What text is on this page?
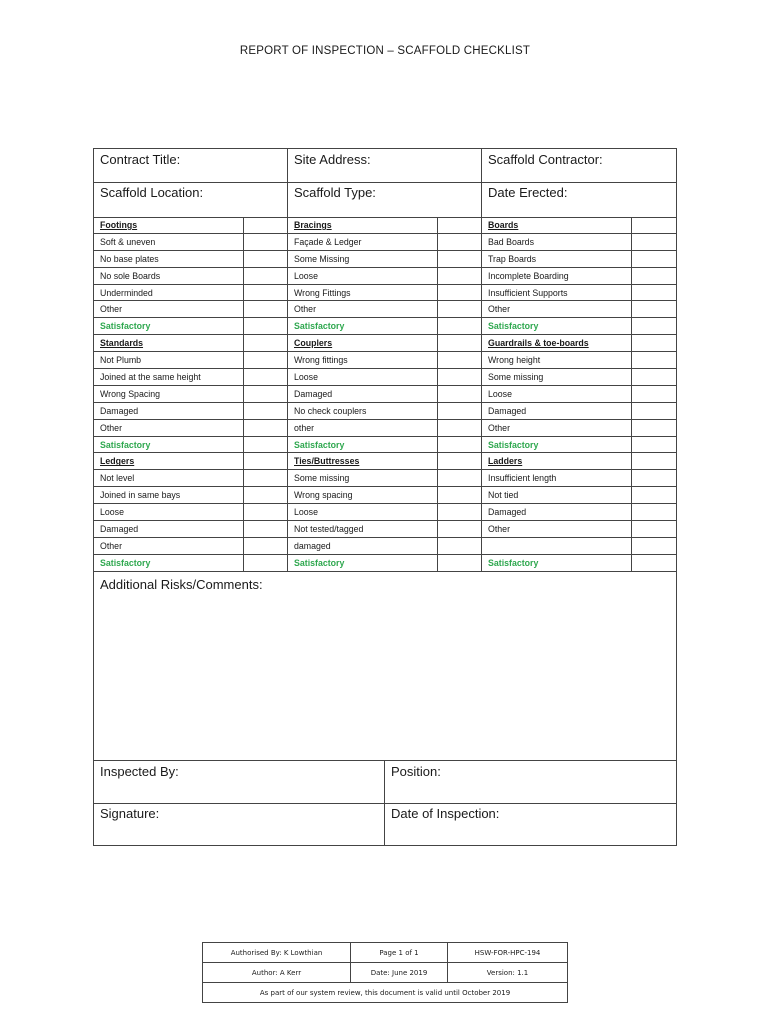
REPORT OF INSPECTION – SCAFFOLD CHECKLIST
Contract Title:	Site Address:	Scaffold Contractor:
Scaffold Location:	Scaffold Type:	Date Erected:
Footings	Bracings	Boards
Soft & uneven	Façade & Ledger	Bad Boards
No base plates	Some Missing	Trap Boards
No sole Boards	Loose	Incomplete Boarding
Underminded	Wrong Fittings	Insufficient Supports
Other	Other	Other
Satisfactory	Satisfactory	Satisfactory
Standards	Couplers	Guardrails & toe-boards
Not Plumb	Wrong fittings	Wrong height
Joined at the same height	Loose	Some missing
Wrong Spacing	Damaged	Loose
Damaged	No check couplers	Damaged
Other	other	Other
Satisfactory	Satisfactory	Satisfactory
Ledgers	Ties/Buttresses	Ladders
Not level	Some missing	Insufficient length
Joined in same bays	Wrong spacing	Not tied
Loose	Loose	Damaged
Damaged	Not tested/tagged	Other
Other	damaged
Satisfactory	Satisfactory	Satisfactory
Additional Risks/Comments:
Inspected By:	Position:
Signature:	Date of Inspection:
Authorised By: K Lowthian	Page 1 of 1	HSW-FOR-HPC-194
Author: A Kerr	Date: June 2019	Version: 1.1
As part of our system review, this document is valid until October 2019
